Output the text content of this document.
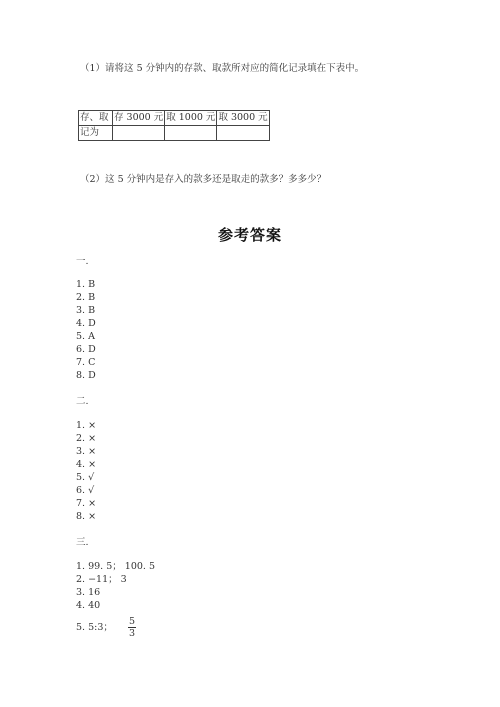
（1）请将这 5 分钟内的存款、取款所对应的简化记录填在下表中。
存、取	存 3000 元	取 1000 元	取 3000 元
记为			
（2）这 5 分钟内是存入的款多还是取走的款多？多多少？
参考答案
一.
1. B
2. B
3. B
4. D
5. A
6. D
7. C
8. D
二.
1. ×
2. ×
3. ×
4. ×
5. √
6. √
7. ×
8. ×
三.
1. 99. 5； 100. 5
2. −11； 3
3. 16
4. 40
5. 5:3；
5
3
